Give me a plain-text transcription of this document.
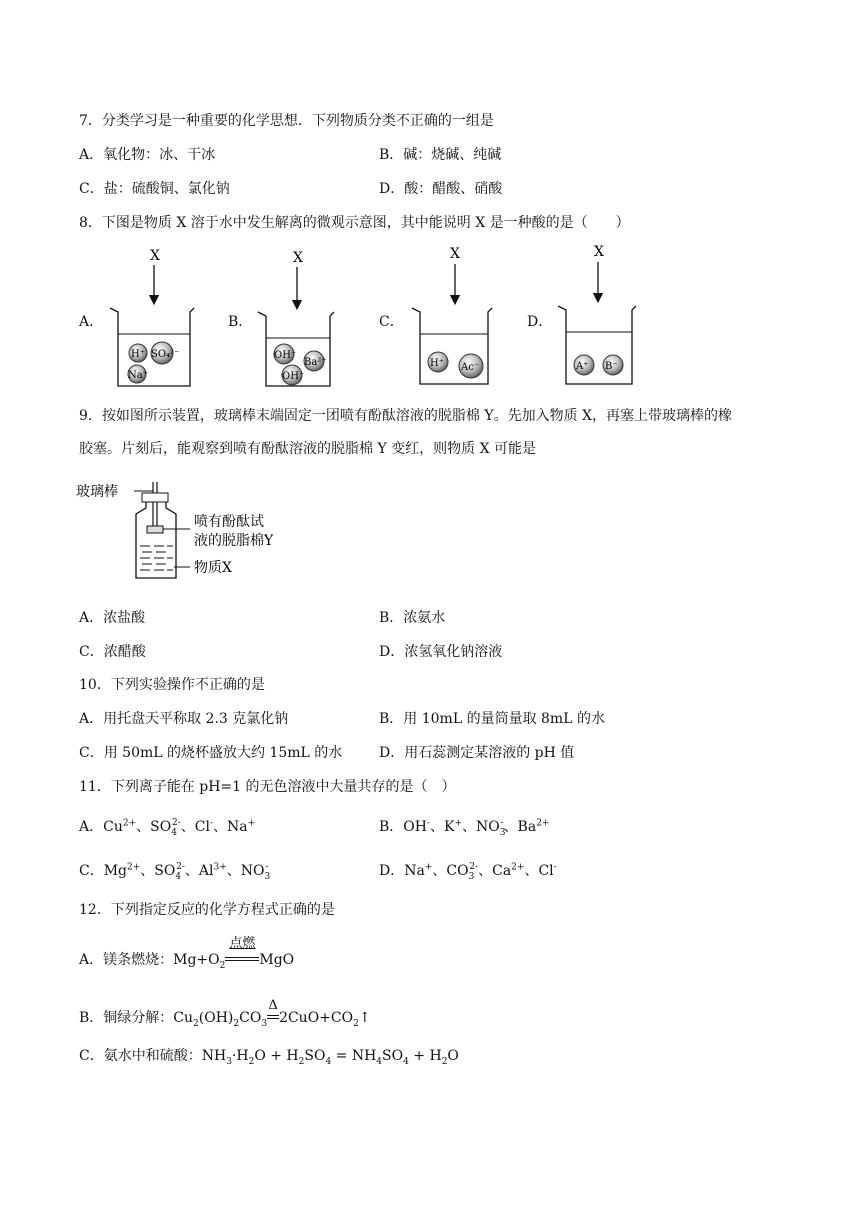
7．分类学习是一种重要的化学思想．下列物质分类不正确的一组是
A．氧化物：冰、干冰	B．碱：烧碱、纯碱
C．盐：硫酸铜、氯化钠	D．酸：醋酸、硝酸
8．下图是物质 X 溶于水中发生解离的微观示意图，其中能说明 X 是一种酸的是（　　）
A．	B．	C．	D．
X
H⁺ SO₄²⁻
Na⁺
X
OH⁻
Ba²⁺
OH⁻
X
H⁺ Ac⁻
X
A⁺ B⁻
9．按如图所示装置，玻璃棒末端固定一团喷有酚酞溶液的脱脂棉 Y。先加入物质 X，再塞上带玻璃棒的橡
胶塞。片刻后，能观察到喷有酚酞溶液的脱脂棉 Y 变红，则物质 X 可能是
玻璃棒
喷有酚酞试
液的脱脂棉Y
物质X
A．浓盐酸	B．浓氨水
C．浓醋酸	D．浓氢氧化钠溶液
10．下列实验操作不正确的是
A．用托盘天平称取 2.3 克氯化钠	B．用 10mL 的量筒量取 8mL 的水
C．用 50mL 的烧杯盛放大约 15mL 的水	D．用石蕊测定某溶液的 pH 值
11．下列离子能在 pH=1 的无色溶液中大量共存的是（　）
A．$Cu^{2+}$、$SO_4^{2-}$、Cl-、Na+	B．OH-、K+、$NO_3^-$、$Ba^{2+}$
C．$Mg^{2+}$、$SO_4^{2-}$、$Al^{3+}$、$NO_3^-$	D．Na+、$CO_3^{2-}$、$Ca^{2+}$、Cl-
12．下列指定反应的化学方程式正确的是
A．镁条燃烧：$Mg+O_2$
点燃
MgO
B．铜绿分解：$Cu_2(OH)_2CO_3$
Δ
$2CuO+CO_2↑$
C．氨水中和硫酸：$NH_3\cdot H_2O + H_2SO_4 = NH_4SO_4 + H_2O$
